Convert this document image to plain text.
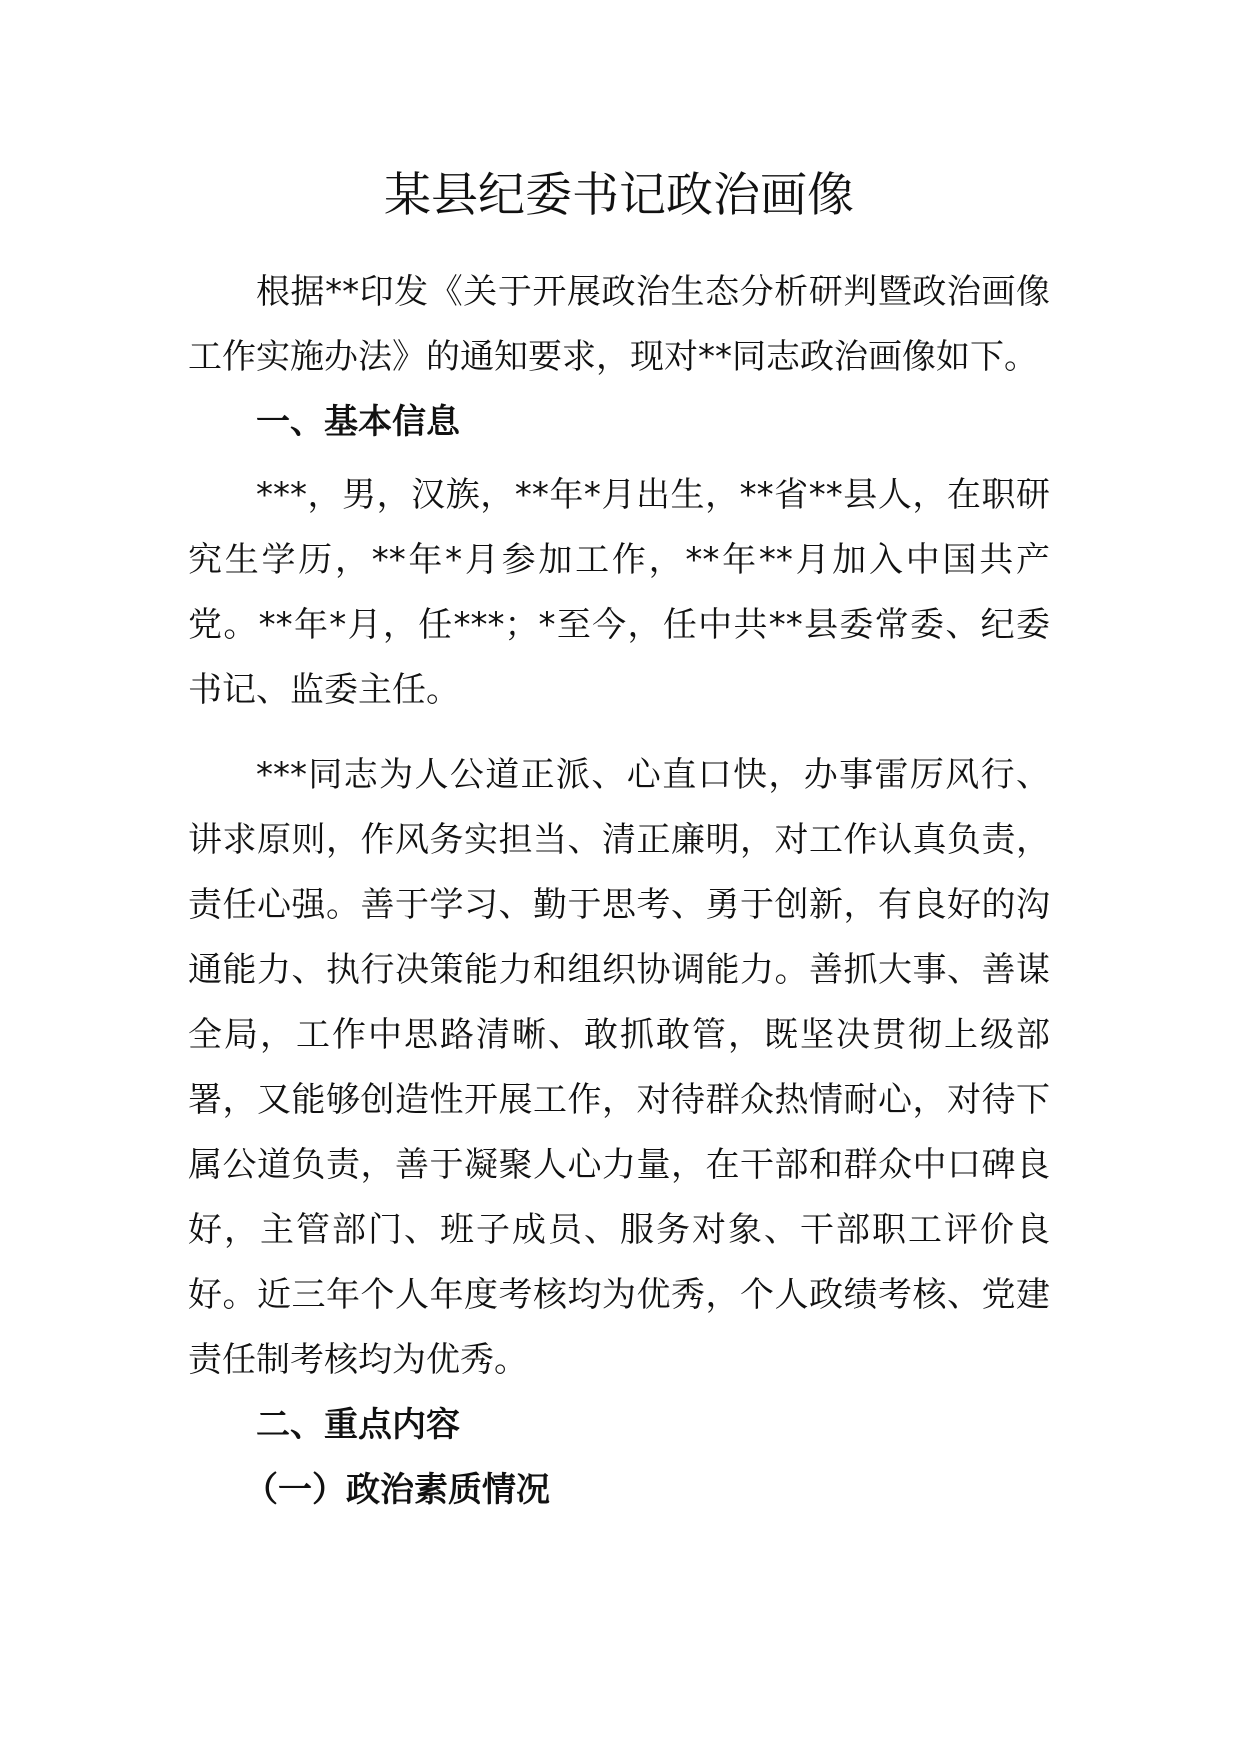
某县纪委书记政治画像

根据**印发《关于开展政治生态分析研判暨政治画像工作实施办法》的通知要求，现对**同志政治画像如下。

一、基本信息

***，男，汉族，**年*月出生，**省**县人，在职研究生学历，**年*月参加工作，**年**月加入中国共产党。**年*月，任***；*至今，任中共**县委常委、纪委书记、监委主任。

***同志为人公道正派、心直口快，办事雷厉风行、讲求原则，作风务实担当、清正廉明，对工作认真负责，责任心强。善于学习、勤于思考、勇于创新，有良好的沟通能力、执行决策能力和组织协调能力。善抓大事、善谋全局，工作中思路清晰、敢抓敢管，既坚决贯彻上级部署，又能够创造性开展工作，对待群众热情耐心，对待下属公道负责，善于凝聚人心力量，在干部和群众中口碑良好，主管部门、班子成员、服务对象、干部职工评价良好。近三年个人年度考核均为优秀，个人政绩考核、党建责任制考核均为优秀。

二、重点内容

（一）政治素质情况
